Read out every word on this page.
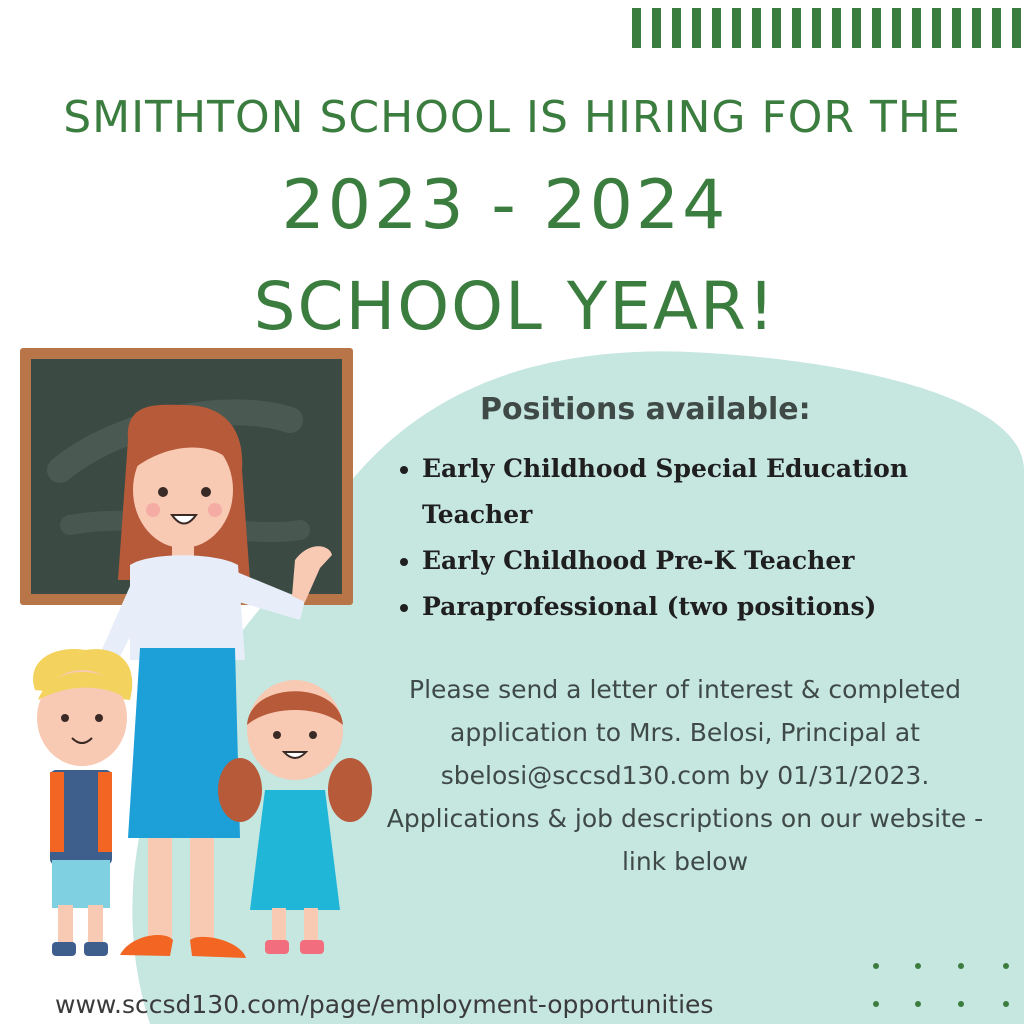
SMITHTON SCHOOL IS HIRING FOR THE
2023 - 2024
SCHOOL YEAR!
Positions available:
• Early Childhood Special Education Teacher
• Early Childhood Pre-K Teacher
• Paraprofessional (two positions)

Please send a letter of interest & completed application to Mrs. Belosi, Principal at sbelosi@sccsd130.com by 01/31/2023.

Applications & job descriptions on our website - link below

www.sccsd130.com/page/employment-opportunities
